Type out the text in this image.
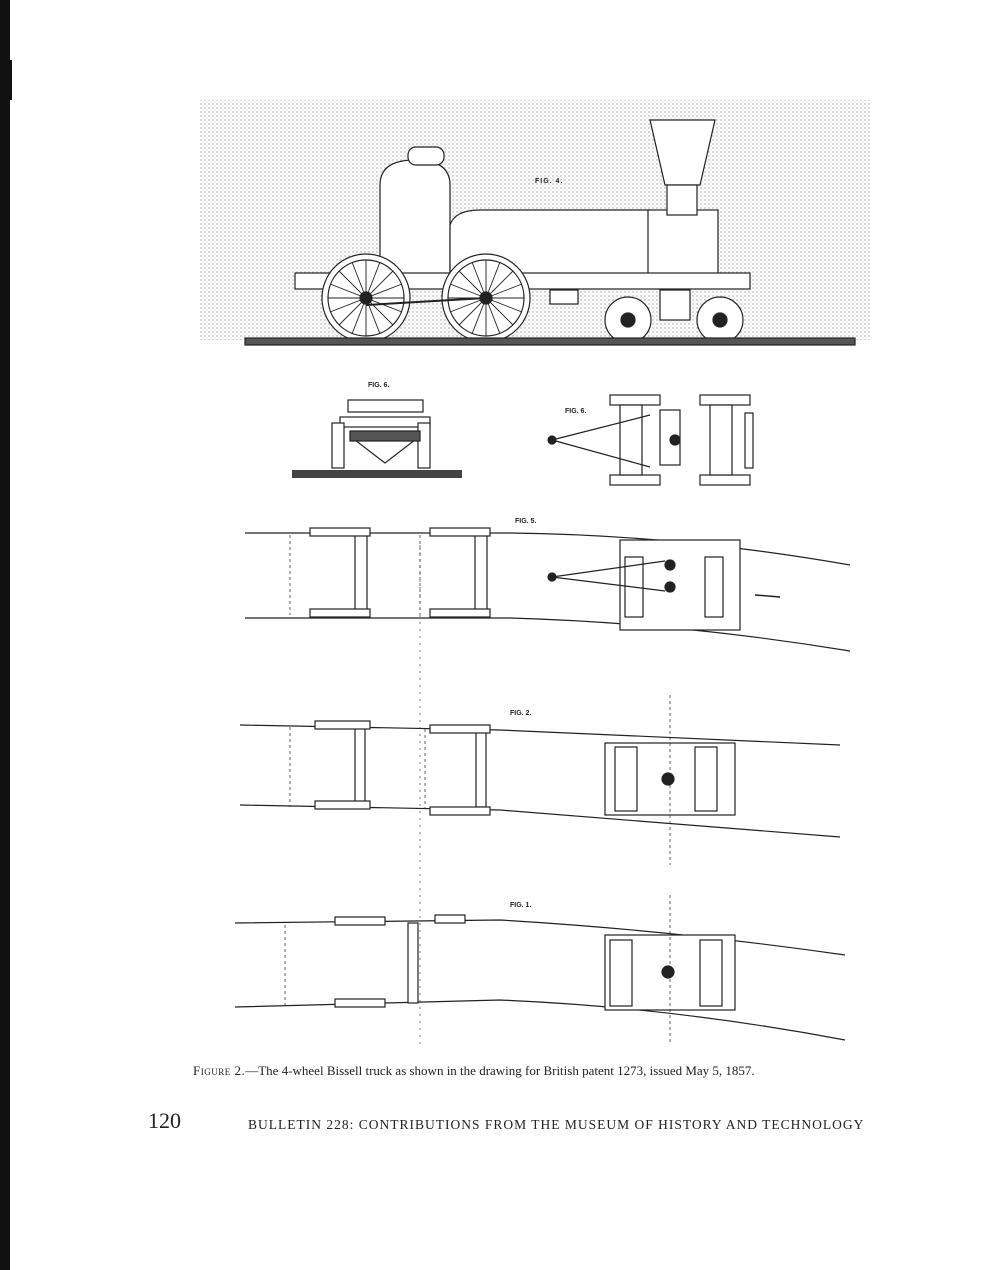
FIG. 4.
FIG. 6.
FIG. 6.
FIG. 5.
FIG. 2.
FIG. 1.
Figure 2.—The 4-wheel Bissell truck as shown in the drawing for British patent 1273, issued May 5, 1857.
120	BULLETIN 228: CONTRIBUTIONS FROM THE MUSEUM OF HISTORY AND TECHNOLOGY
